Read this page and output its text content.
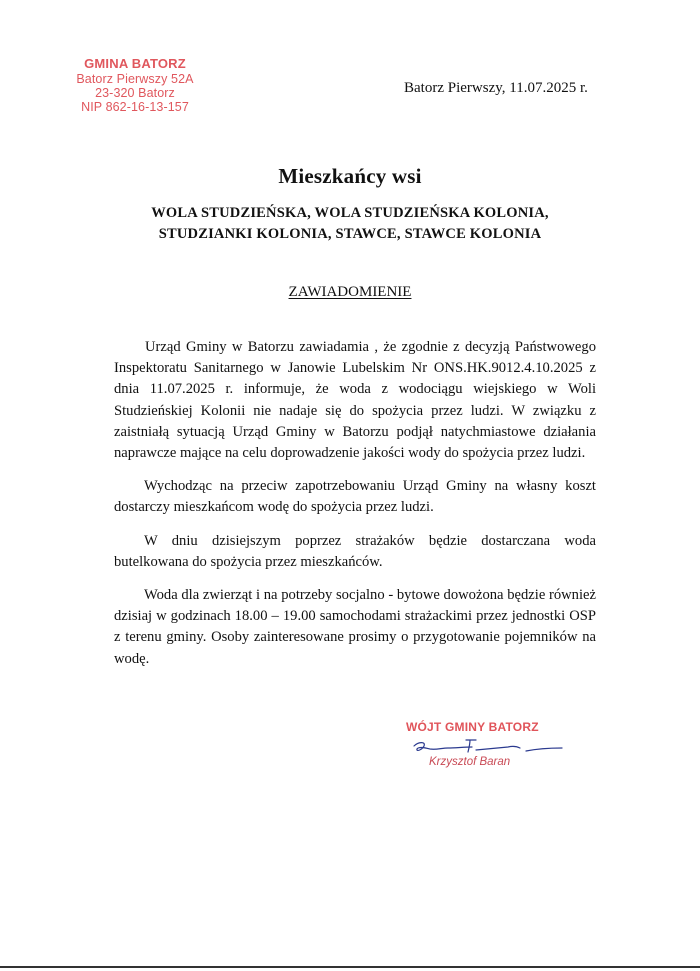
GMINA BATORZ
Batorz Pierwszy 52A
23-320 Batorz
NIP 862-16-13-157
Batorz Pierwszy, 11.07.2025 r.
Mieszkańcy wsi
WOLA STUDZIEŃSKA, WOLA STUDZIEŃSKA KOLONIA,
STUDZIANKI KOLONIA, STAWCE, STAWCE KOLONIA
ZAWIADOMIENIE

Urząd Gminy w Batorzu zawiadamia , że zgodnie z decyzją Państwowego Inspektoratu Sanitarnego w Janowie Lubelskim Nr ONS.HK.9012.4.10.2025 z dnia 11.07.2025 r. informuje, że woda z wodociągu wiejskiego w Woli Studzieńskiej Kolonii nie nadaje się do spożycia przez ludzi. W związku z zaistniałą sytuacją Urząd Gminy w Batorzu podjął natychmiastowe działania naprawcze mające na celu doprowadzenie jakości wody do spożycia przez ludzi.

Wychodząc na przeciw zapotrzebowaniu Urząd Gminy na własny koszt dostarczy mieszkańcom wodę do spożycia przez ludzi.

W dniu dzisiejszym poprzez strażaków będzie dostarczana woda butelkowana do spożycia przez mieszkańców.

Woda dla zwierząt i na potrzeby socjalno - bytowe dowożona będzie również dzisiaj w godzinach 18.00 – 19.00 samochodami strażackimi przez jednostki OSP z terenu gminy. Osoby zainteresowane prosimy o przygotowanie pojemników na wodę.

WÓJT GMINY BATORZ
Krzysztof Baran
